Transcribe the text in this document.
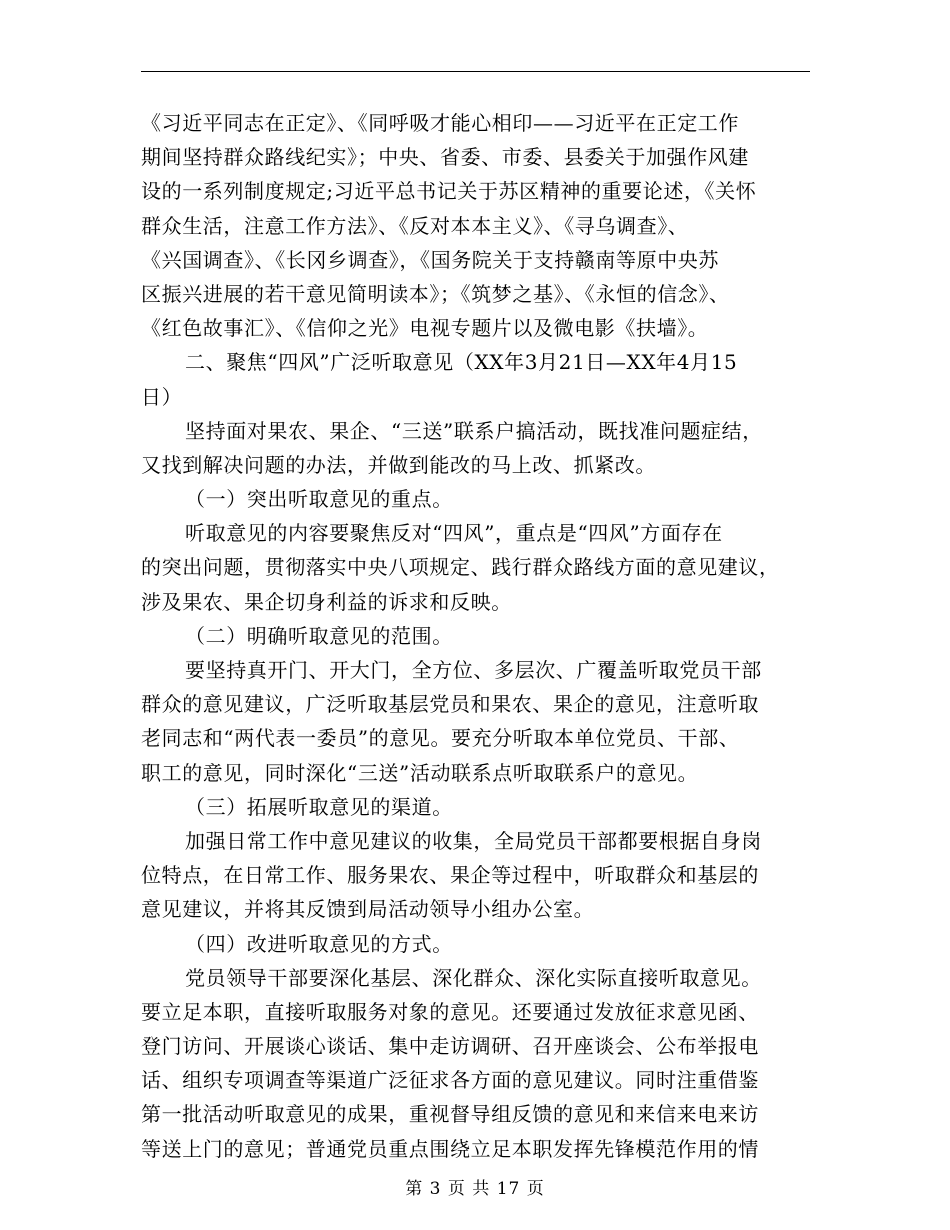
《习近平同志在正定》、《同呼吸才能心相印——习近平在正定工作
期间坚持群众路线纪实》；中央、省委、市委、县委关于加强作风建
设的一系列制度规定;习近平总书记关于苏区精神的重要论述，《关怀
群众生活，注意工作方法》、《反对本本主义》、《寻乌调查》、
《兴国调查》、《长冈乡调查》，《国务院关于支持赣南等原中央苏
区振兴进展的若干意见简明读本》；《筑梦之基》、《永恒的信念》、
《红色故事汇》、《信仰之光》电视专题片以及微电影《扶墙》。
二、聚焦“四风”广泛听取意见（XX年3月21日—XX年4月15
日）
坚持面对果农、果企、“三送”联系户搞活动，既找准问题症结，
又找到解决问题的办法，并做到能改的马上改、抓紧改。
（一）突出听取意见的重点。
听取意见的内容要聚焦反对“四风”，重点是“四风”方面存在
的突出问题，贯彻落实中央八项规定、践行群众路线方面的意见建议，
涉及果农、果企切身利益的诉求和反映。
（二）明确听取意见的范围。
要坚持真开门、开大门，全方位、多层次、广覆盖听取党员干部
群众的意见建议，广泛听取基层党员和果农、果企的意见，注意听取
老同志和“两代表一委员”的意见。要充分听取本单位党员、干部、
职工的意见，同时深化“三送”活动联系点听取联系户的意见。
（三）拓展听取意见的渠道。
加强日常工作中意见建议的收集，全局党员干部都要根据自身岗
位特点，在日常工作、服务果农、果企等过程中，听取群众和基层的
意见建议，并将其反馈到局活动领导小组办公室。
（四）改进听取意见的方式。
党员领导干部要深化基层、深化群众、深化实际直接听取意见。
要立足本职，直接听取服务对象的意见。还要通过发放征求意见函、
登门访问、开展谈心谈话、集中走访调研、召开座谈会、公布举报电
话、组织专项调查等渠道广泛征求各方面的意见建议。同时注重借鉴
第一批活动听取意见的成果，重视督导组反馈的意见和来信来电来访
等送上门的意见；普通党员重点围绕立足本职发挥先锋模范作用的情
第 3 页 共 17 页
